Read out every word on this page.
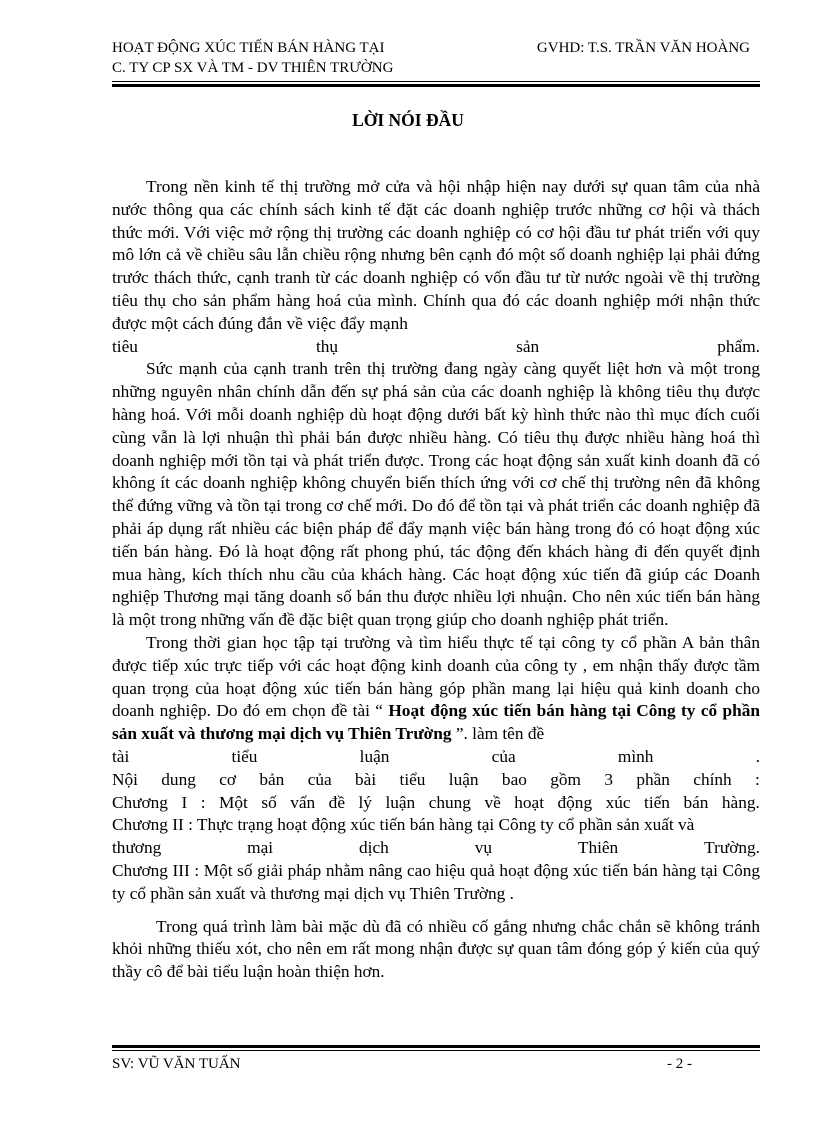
HOẠT ĐỘNG XÚC TIẾN BÁN HÀNG TẠI	GVHD: T.S. TRẦN VĂN HOÀNG
C. TY CP SX VÀ TM - DV THIÊN TRƯỜNG
LỜI NÓI ĐẦU

Trong nền kinh tế thị trường mở cửa và hội nhập hiện nay dưới sự quan tâm của nhà nước thông qua các chính sách kinh tế đặt các doanh nghiệp trước những cơ hội và thách thức mới. Với việc mở rộng thị trường các doanh nghiệp có cơ hội đầu tư phát triển với quy mô lớn cả về chiều sâu lẫn chiều rộng nhưng bên cạnh đó một số doanh nghiệp lại phải đứng trước thách thức, cạnh tranh từ các doanh nghiệp có vốn đầu tư từ nước ngoài về thị trường tiêu thụ cho sản phẩm hàng hoá của mình. Chính qua đó các doanh nghiệp mới nhận thức được một cách đúng đắn về việc đẩy mạnh

tiêu	thụ	sản	phẩm.

Sức mạnh của cạnh tranh trên thị trường đang ngày càng quyết liệt hơn và một trong những nguyên nhân chính dẫn đến sự phá sản của các doanh nghiệp là không tiêu thụ được hàng hoá. Với mỗi doanh nghiệp dù hoạt động dưới bất kỳ hình thức nào thì mục đích cuối cùng vẫn là lợi nhuận thì phải bán được nhiều hàng. Có tiêu thụ được nhiều hàng hoá thì doanh nghiệp mới tồn tại và phát triển được. Trong các hoạt động sản xuất kinh doanh đã có không ít các doanh nghiệp không chuyển biến thích ứng với cơ chế thị trường nên đã không thể đứng vững và tồn tại trong cơ chế mới. Do đó để tồn tại và phát triển các doanh nghiệp đã phải áp dụng rất nhiều các biện pháp để đẩy mạnh việc bán hàng trong đó có hoạt động xúc tiến bán hàng. Đó là hoạt động rất phong phú, tác động đến khách hàng đi đến quyết định mua hàng, kích thích nhu cầu của khách hàng. Các hoạt động xúc tiến đã giúp các Doanh nghiệp Thương mại tăng doanh số bán thu được nhiều lợi nhuận. Cho nên xúc tiến bán hàng là một trong những vấn đề đặc biệt quan trọng giúp cho doanh nghiệp phát triển.

Trong thời gian học tập tại trường và tìm hiểu thực tế tại công ty cổ phần A bản thân được tiếp xúc trực tiếp với các hoạt động kinh doanh của công ty , em nhận thấy được tầm quan trọng của hoạt động xúc tiến bán hàng góp phần mang lại hiệu quả kinh doanh cho doanh nghiệp. Do đó em chọn đề tài “ Hoạt động xúc tiến bán hàng tại Công ty cổ phần sản xuất và thương mại dịch vụ Thiên Trường ”. làm tên đề

tài	tiểu	luận	của	mình	.
Nội dung cơ bản của bài tiểu luận bao gồm 3 phần chính :
Chương I : Một số vấn đề lý luận chung về hoạt động xúc tiến bán hàng.

Chương II : Thực trạng hoạt động xúc tiến bán hàng tại Công ty cổ phần sản xuất và

thương	mại	dịch	vụ	Thiên	Trường.

Chương III : Một số giải pháp nhằm nâng cao hiệu quả hoạt động xúc tiến bán hàng tại Công ty cổ phần sản xuất và thương mại dịch vụ Thiên Trường .

Trong quá trình làm bài mặc dù đã có nhiều cố gắng nhưng chắc chắn sẽ không tránh khỏi những thiếu xót, cho nên em rất mong nhận được sự quan tâm đóng góp ý kiến của quý thầy cô để bài tiểu luận hoàn thiện hơn.

SV: VŨ VĂN TUẤN	- 2 -
